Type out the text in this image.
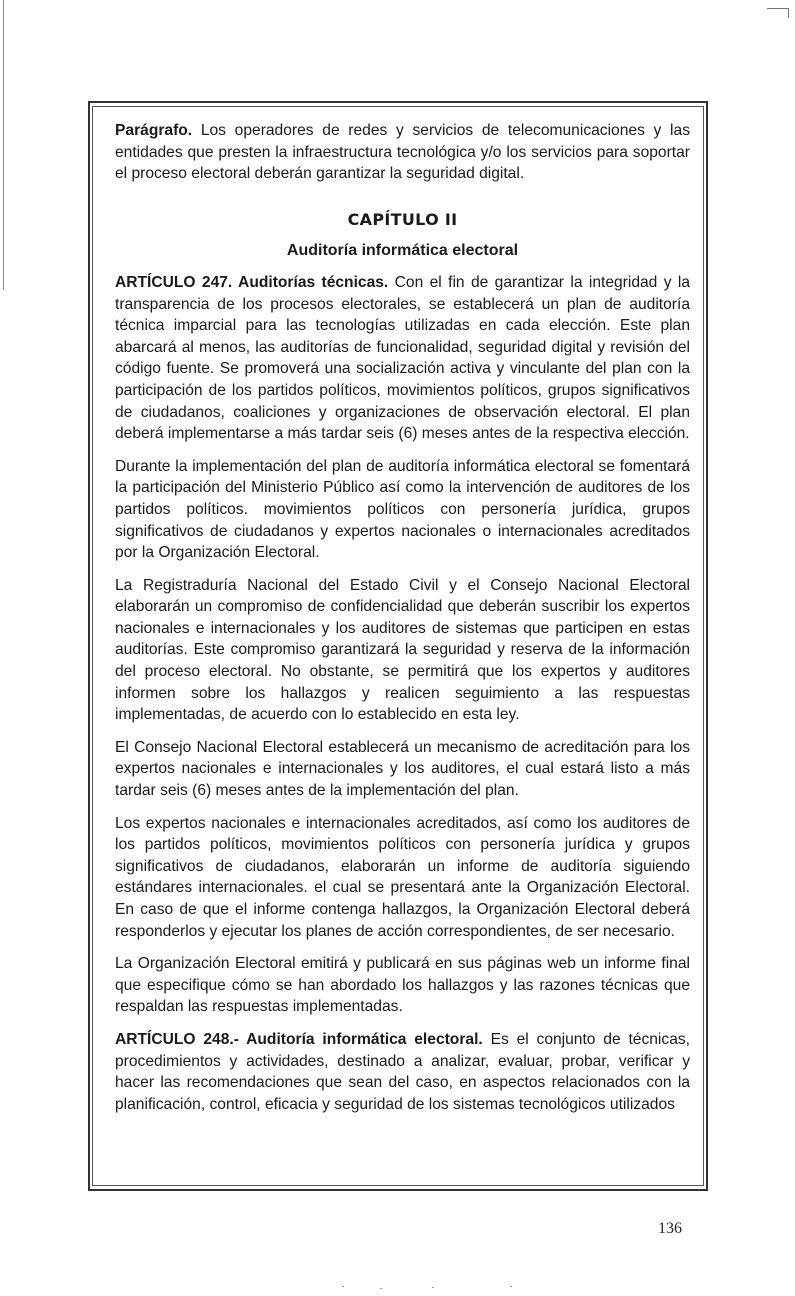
Parágrafo. Los operadores de redes y servicios de telecomunicaciones y las entidades que presten la infraestructura tecnológica y/o los servicios para soportar el proceso electoral deberán garantizar la seguridad digital.

CAPÍTULO II
Auditoría informática electoral

ARTÍCULO 247. Auditorías técnicas. Con el fin de garantizar la integridad y la transparencia de los procesos electorales, se establecerá un plan de auditoría técnica imparcial para las tecnologías utilizadas en cada elección. Este plan abarcará al menos, las auditorías de funcionalidad, seguridad digital y revisión del código fuente. Se promoverá una socialización activa y vinculante del plan con la participación de los partidos políticos, movimientos políticos, grupos significativos de ciudadanos, coaliciones y organizaciones de observación electoral. El plan deberá implementarse a más tardar seis (6) meses antes de la respectiva elección.

Durante la implementación del plan de auditoría informática electoral se fomentará la participación del Ministerio Público así como la intervención de auditores de los partidos políticos. movimientos políticos con personería jurídica, grupos significativos de ciudadanos y expertos nacionales o internacionales acreditados por la Organización Electoral.

La Registraduría Nacional del Estado Civil y el Consejo Nacional Electoral elaborarán un compromiso de confidencialidad que deberán suscribir los expertos nacionales e internacionales y los auditores de sistemas que participen en estas auditorías. Este compromiso garantizará la seguridad y reserva de la información del proceso electoral. No obstante, se permitirá que los expertos y auditores informen sobre los hallazgos y realicen seguimiento a las respuestas implementadas, de acuerdo con lo establecido en esta ley.

El Consejo Nacional Electoral establecerá un mecanismo de acreditación para los expertos nacionales e internacionales y los auditores, el cual estará listo a más tardar seis (6) meses antes de la implementación del plan.

Los expertos nacionales e internacionales acreditados, así como los auditores de los partidos políticos, movimientos políticos con personería jurídica y grupos significativos de ciudadanos, elaborarán un informe de auditoría siguiendo estándares internacionales. el cual se presentará ante la Organización Electoral. En caso de que el informe contenga hallazgos, la Organización Electoral deberá responderlos y ejecutar los planes de acción correspondientes, de ser necesario.

La Organización Electoral emitirá y publicará en sus páginas web un informe final que especifique cómo se han abordado los hallazgos y las razones técnicas que respaldan las respuestas implementadas.

ARTÍCULO 248.- Auditoría informática electoral. Es el conjunto de técnicas, procedimientos y actividades, destinado a analizar, evaluar, probar, verificar y hacer las recomendaciones que sean del caso, en aspectos relacionados con la planificación, control, eficacia y seguridad de los sistemas tecnológicos utilizados

136
